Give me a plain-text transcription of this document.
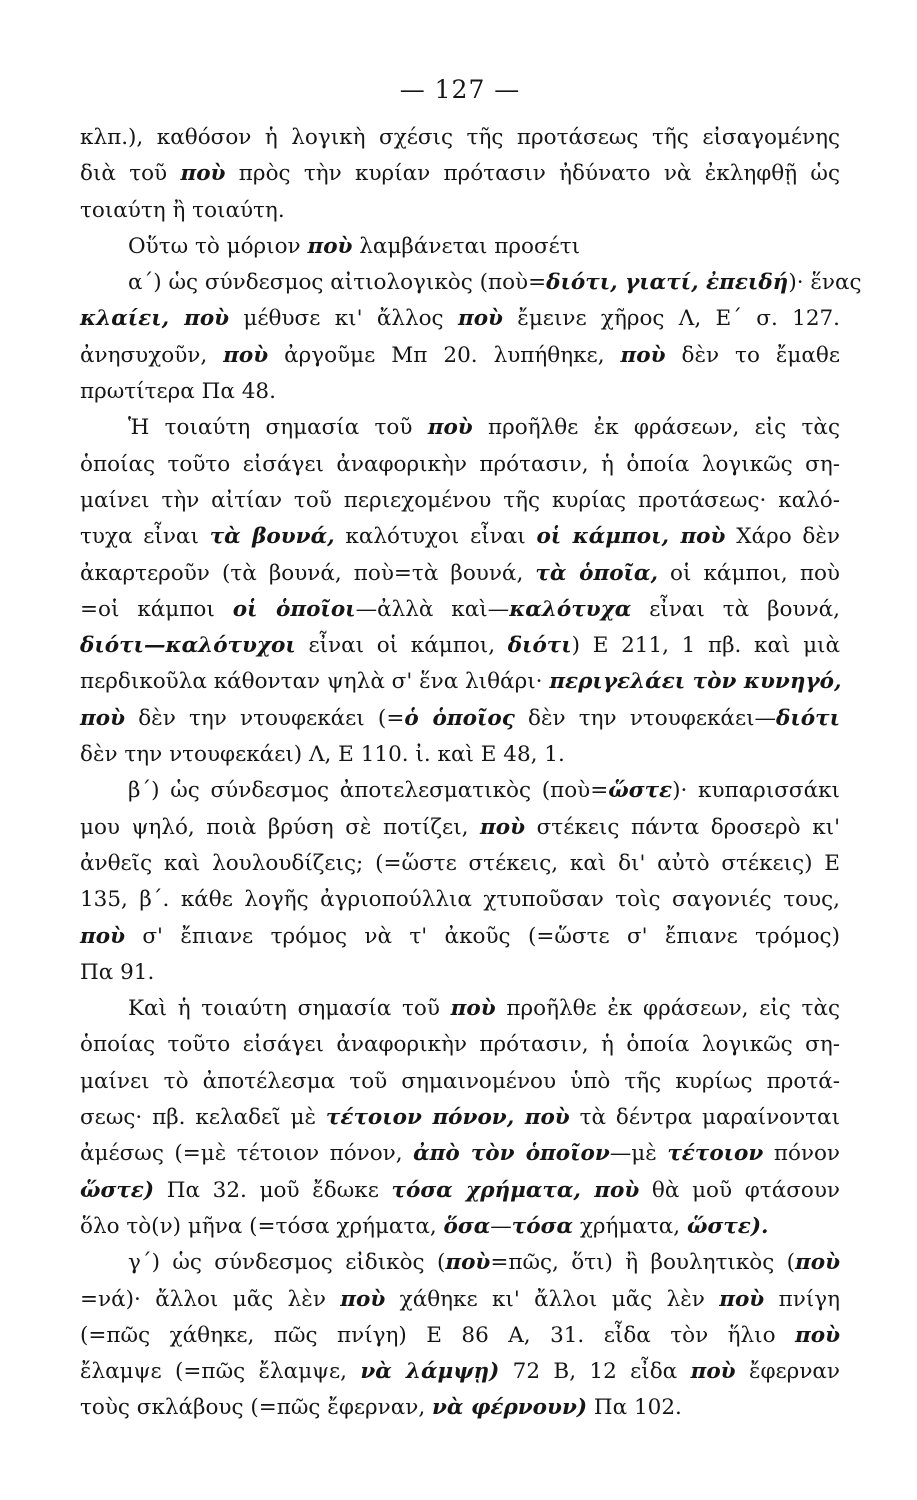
— 127 —
κλπ.), καθόσον ἡ λογικὴ σχέσις τῆς προτάσεως τῆς εἰσαγομένης
διὰ τοῦ ποὺ πρὸς τὴν κυρίαν πρότασιν ἠδύνατο νὰ ἐκληφθῇ ὡς
τοιαύτη ἢ τοιαύτη.
Οὕτω τὸ μόριον ποὺ λαμβάνεται προσέτι
α΄) ὡς σύνδεσμος αἰτιολογικὸς (ποὺ=διότι, γιατί, ἐπειδή)· ἕνας
κλαίει, ποὺ μέθυσε κι' ἄλλος ποὺ ἔμεινε χῆρος Λ, Ε΄ σ. 127.
ἀνησυχοῦν, ποὺ ἀργοῦμε Μπ 20. λυπήθηκε, ποὺ δὲν το ἔμαθε
πρωτίτερα Πα 48.
Ἡ τοιαύτη σημασία τοῦ ποὺ προῆλθε ἐκ φράσεων, εἰς τὰς
ὁποίας τοῦτο εἰσάγει ἀναφορικὴν πρότασιν, ἡ ὁποία λογικῶς ση-
μαίνει τὴν αἰτίαν τοῦ περιεχομένου τῆς κυρίας προτάσεως· καλό-
τυχα εἶναι τὰ βουνά, καλότυχοι εἶναι οἱ κάμποι, ποὺ Χάρο δὲν
ἀκαρτεροῦν (τὰ βουνά, ποὺ=τὰ βουνά, τὰ ὁποῖα, οἱ κάμποι, ποὺ
=οἱ κάμποι οἱ ὁποῖοι—ἀλλὰ καὶ—καλότυχα εἶναι τὰ βουνά,
διότι—καλότυχοι εἶναι οἱ κάμποι, διότι) Ε 211, 1 πβ. καὶ μιὰ
περδικοῦλα κάθονταν ψηλὰ σ' ἕνα λιθάρι· περιγελάει τὸν κυνηγό,
ποὺ δὲν την ντουφεκάει (=ὁ ὁποῖος δὲν την ντουφεκάει—διότι
δὲν την ντουφεκάει) Λ, Ε 110. ἰ. καὶ Ε 48, 1.
β΄) ὡς σύνδεσμος ἀποτελεσματικὸς (ποὺ=ὥστε)· κυπαρισσάκι
μου ψηλό, ποιὰ βρύση σὲ ποτίζει, ποὺ στέκεις πάντα δροσερὸ κι'
ἀνθεῖς καὶ λουλουδίζεις; (=ὥστε στέκεις, καὶ δι' αὐτὸ στέκεις) Ε
135, β΄. κάθε λογῆς ἀγριοπούλλια χτυποῦσαν τοὶς σαγονιές τους,
ποὺ σ' ἔπιανε τρόμος νὰ τ' ἀκοῦς (=ὥστε σ' ἔπιανε τρόμος)
Πα 91.
Καὶ ἡ τοιαύτη σημασία τοῦ ποὺ προῆλθε ἐκ φράσεων, εἰς τὰς
ὁποίας τοῦτο εἰσάγει ἀναφορικὴν πρότασιν, ἡ ὁποία λογικῶς ση-
μαίνει τὸ ἀποτέλεσμα τοῦ σημαινομένου ὑπὸ τῆς κυρίως προτά-
σεως· πβ. κελαδεῖ μὲ τέτοιον πόνον, ποὺ τὰ δέντρα μαραίνονται
ἀμέσως (=μὲ τέτοιον πόνον, ἀπὸ τὸν ὁποῖον—μὲ τέτοιον πόνον
ὥστε) Πα 32. μοῦ ἔδωκε τόσα χρήματα, ποὺ θὰ μοῦ φτάσουν
ὅλο τὸ(ν) μῆνα (=τόσα χρήματα, ὅσα—τόσα χρήματα, ὥστε).
γ΄) ὡς σύνδεσμος εἰδικὸς (ποὺ=πῶς, ὅτι) ἢ βουλητικὸς (ποὺ
=νά)· ἄλλοι μᾶς λὲν ποὺ χάθηκε κι' ἄλλοι μᾶς λὲν ποὺ πνίγη
(=πῶς χάθηκε, πῶς πνίγη) Ε 86 Α, 31. εἶδα τὸν ἥλιο ποὺ
ἔλαμψε (=πῶς ἔλαμψε, νὰ λάμψῃ) 72 Β, 12 εἶδα ποὺ ἔφερναν
τοὺς σκλάβους (=πῶς ἔφερναν, νὰ φέρνουν) Πα 102.
